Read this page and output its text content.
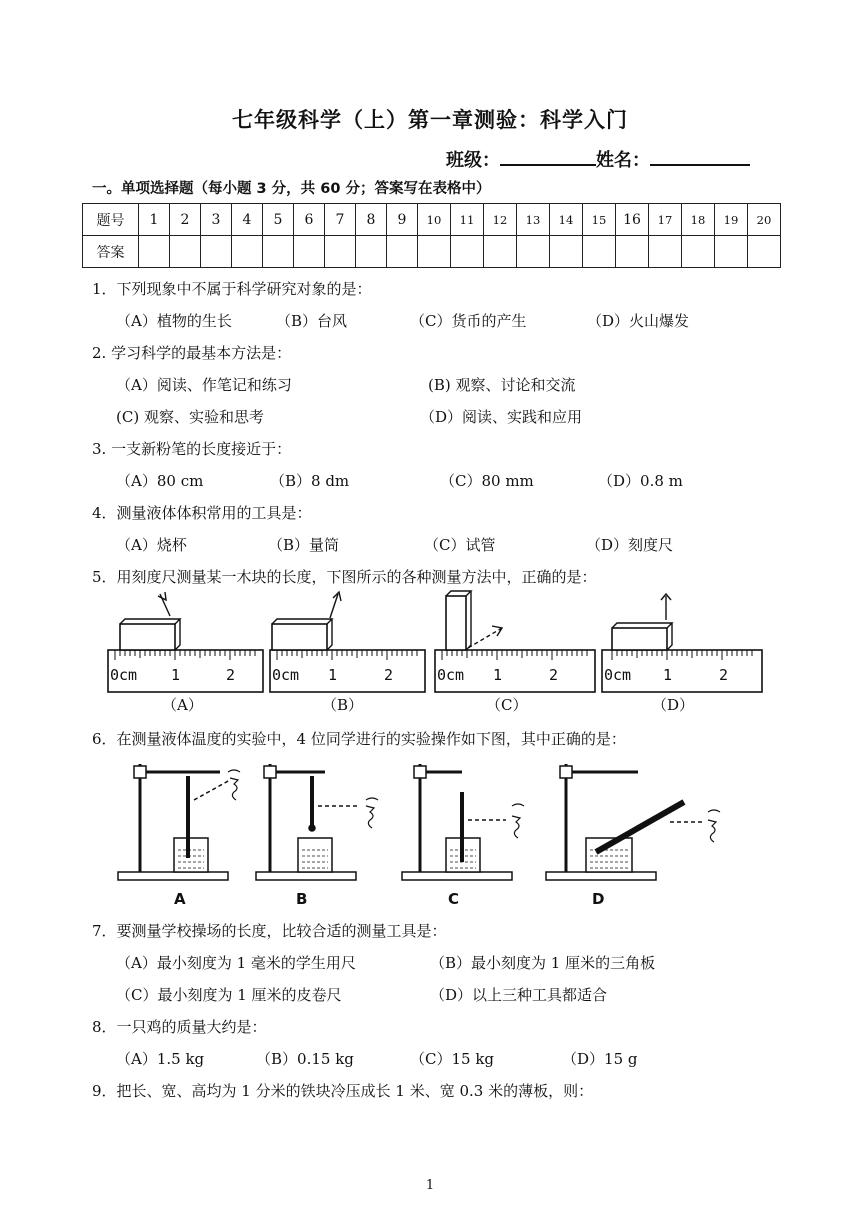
七年级科学（上）第一章测验：科学入门
班级：	姓名：
一。单项选择题（每小题 3 分，共 60 分；答案写在表格中）
题号	1	2	3	4	5	6	7	8	9	10	11	12	13	14	15	16	17	18	19	20
答案																				
1．下列现象中不属于科学研究对象的是：
（A）植物的生长	（B）台风	（C）货币的产生	（D）火山爆发
2. 学习科学的最基本方法是：
（A）阅读、作笔记和练习	(B) 观察、讨论和交流
(C) 观察、实验和思考	（D）阅读、实践和应用
3. 一支新粉笔的长度接近于：
（A）80 cm	（B）8 dm	（C）80 mm	（D）0.8 m
4．测量液体体积常用的工具是：
（A）烧杯	（B）量筒	（C）试管	（D）刻度尺
5．用刻度尺测量某一木块的长度，下图所示的各种测量方法中，正确的是：
0cm 1	2 0cm 1	2	0cm 1	2	0cm 1	2
（A）	（B）	（C）	（D）
6．在测量液体温度的实验中，4 位同学进行的实验操作如下图，其中正确的是：
A	B	C	D
7．要测量学校操场的长度，比较合适的测量工具是：
（A）最小刻度为 1 毫米的学生用尺	（B）最小刻度为 1 厘米的三角板
（C）最小刻度为 1 厘米的皮卷尺	（D）以上三种工具都适合
8．一只鸡的质量大约是：
（A）1.5 kg	（B）0.15 kg	（C）15 kg	（D）15 g
9．把长、宽、高均为 1 分米的铁块冷压成长 1 米、宽 0.3 米的薄板，则：
1
